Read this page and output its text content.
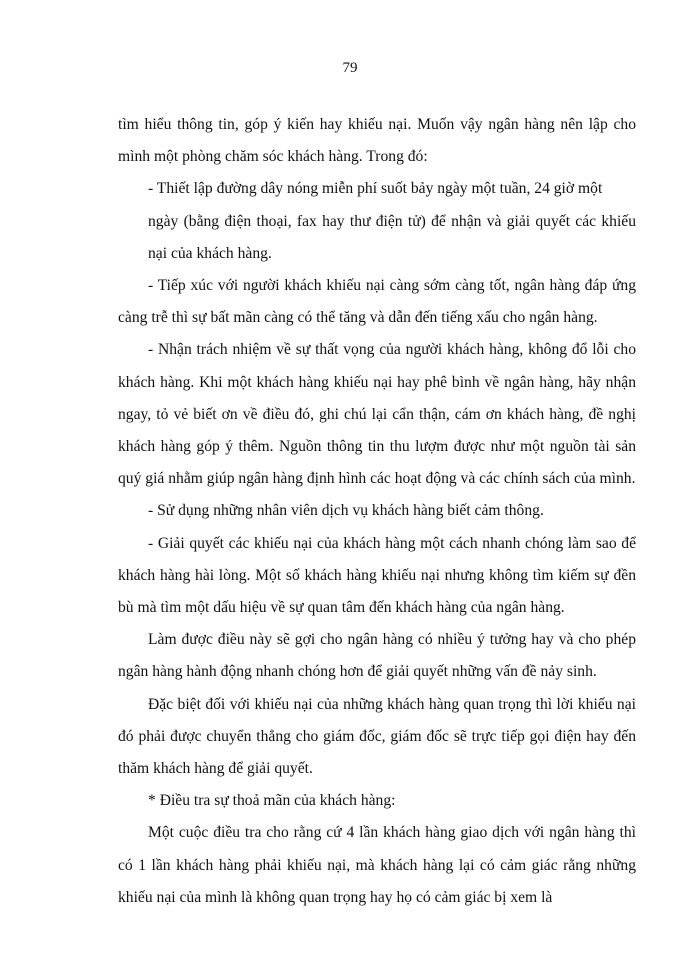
79

tìm hiểu thông tin, góp ý kiến hay khiếu nại. Muốn vậy ngân hàng nên lập cho mình một phòng chăm sóc khách hàng. Trong đó:

- Thiết lập đường dây nóng miễn phí suốt bảy ngày một tuần, 24 giờ một

ngày (bằng điện thoại, fax hay thư điện tử) để nhận và giải quyết các khiếu nại của khách hàng.

- Tiếp xúc với người khách khiếu nại càng sớm càng tốt, ngân hàng đáp ứng càng trễ thì sự bất mãn càng có thể tăng và dẫn đến tiếng xấu cho ngân hàng.

- Nhận trách nhiệm về sự thất vọng của người khách hàng, không đổ lỗi cho khách hàng. Khi một khách hàng khiếu nại hay phê bình về ngân hàng, hãy nhận ngay, tỏ vẻ biết ơn về điều đó, ghi chú lại cẩn thận, cám ơn khách hàng, đề nghị khách hàng góp ý thêm. Nguồn thông tin thu lượm được như một nguồn tài sản quý giá nhằm giúp ngân hàng định hình các hoạt động và các chính sách của mình.

- Sử dụng những nhân viên dịch vụ khách hàng biết cảm thông.

- Giải quyết các khiếu nại của khách hàng một cách nhanh chóng làm sao để khách hàng hài lòng. Một số khách hàng khiếu nại nhưng không tìm kiếm sự đền bù mà tìm một dấu hiệu về sự quan tâm đến khách hàng của ngân hàng.

Làm được điều này sẽ gợi cho ngân hàng có nhiều ý tưởng hay và cho phép ngân hàng hành động nhanh chóng hơn để giải quyết những vấn đề nảy sinh.

Đặc biệt đối với khiếu nại của những khách hàng quan trọng thì lời khiếu nại đó phải được chuyển thẳng cho giám đốc, giám đốc sẽ trực tiếp gọi điện hay đến thăm khách hàng để giải quyết.

* Điều tra sự thoả mãn của khách hàng:

Một cuộc điều tra cho rằng cứ 4 lần khách hàng giao dịch với ngân hàng thì có 1 lần khách hàng phải khiếu nại, mà khách hàng lại có cảm giác rằng những khiếu nại của mình là không quan trọng hay họ có cảm giác bị xem là
